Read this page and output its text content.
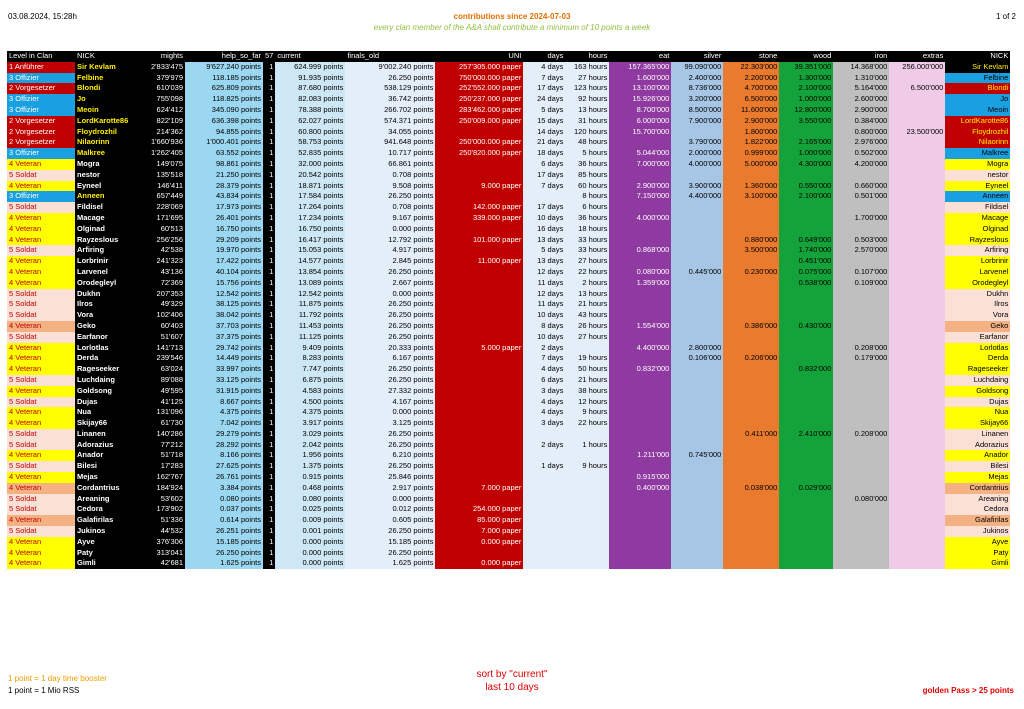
03.08.2024, 15:28h	contributions since 2024-07-03
every clan member of the A&A shall contribute a minimum of 10 points a week
1 of 2
Level in Clan	NICK	mights	help_so_far	57	current	finals_old	UNI	days	hours	eat	silver	stone	wood	iron	extras	NICK
1 Anführer	Sir Kevlam	2'833'475	9'627.240 points	1	624.999 points	9'002.240 points	257'305.000 paper	4 days	163 hours	157.365'000	99.090'000	22.303'000	39.351'000	14.368'000	256.000'000	Sir Kevlam
3 Offizier	Felbine	379'979	118.185 points	1	91.935 points	26.250 points	750'000.000 paper	7 days	27 hours	1.600'000	2.400'000	2.200'000	1.300'000	1.310'000		Felbine
2 Vorgesetzer	Blondi	610'039	625.809 points	1	87.680 points	538.129 points	252'552.000 paper	17 days	123 hours	13.100'000	8.736'000	4.700'000	2.100'000	5.164'000	6.500'000	Blondi
3 Offizier	Jo	755'098	118.825 points	1	82.083 points	36.742 points	250'237.000 paper	24 days	92 hours	15.926'000	3.200'000	6.500'000	1.000'000	2.600'000		Jo
3 Offizier	Meoin	624'412	345.090 points	1	78.388 points	266.702 points	283'462.000 paper	5 days	13 hours	8.700'000	8.500'000	11.600'000	12.800'000	2.900'000		Meoin
2 Vorgesetzer	LordKarotte86	822'109	636.398 points	1	62.027 points	574.371 points	250'009.000 paper	15 days	31 hours	6.000'000	7.900'000	2.900'000	3.550'000	0.384'000		LordKarotte86
2 Vorgesetzer	Floydrozhil	214'362	94.855 points	1	60.800 points	34.055 points		14 days	120 hours	15.700'000		1.800'000		0.800'000	23.500'000	Floydrozhil
2 Vorgesetzer	Nilaorinn	1'660'936	1'000.401 points	1	58.753 points	941.648 points	250'000.000 paper	21 days	48 hours		3.790'000	1.822'000	2.165'000	2.976'000		Nilaorinn
3 Offizier	Malkree	1'262'405	63.552 points	1	52.835 points	10.717 points	250'820.000 paper	18 days	5 hours	5.044'000	2.000'000	0.999'000	1.000'000	0.502'000		Malkree
4 Veteran	Mogra	149'075	98.861 points	1	32.000 points	66.861 points		6 days	36 hours	7.000'000	4.000'000	5.000'000	4.300'000	4.200'000		Mogra
5 Soldat	nestor	135'518	21.250 points	1	20.542 points	0.708 points		17 days	85 hours							nestor
4 Veteran	Eyneel	146'411	28.379 points	1	18.871 points	9.508 points	9.000 paper	7 days	60 hours	2.900'000	3.900'000	1.360'000	0.550'000	0.660'000		Eyneel
3 Offizier	Anneen	657'449	43.834 points	1	17.584 points	26.250 points			8 hours	7.150'000	4.400'000	3.100'000	2.100'000	0.501'000		Anneen
5 Soldat	Fildisel	228'069	17.973 points	1	17.264 points	0.708 points	142.000 paper	17 days	6 hours							Fildisel
4 Veteran	Macage	171'695	26.401 points	1	17.234 points	9.167 points	339.000 paper	10 days	36 hours	4.000'000				1.700'000		Macage
4 Veteran	Olginad	60'513	16.750 points	1	16.750 points	0.000 points		16 days	18 hours							Olginad
4 Veteran	Rayzeslous	256'256	29.209 points	1	16.417 points	12.792 points	101.000 paper	13 days	33 hours			0.880'000	0.649'000	0.503'000		Rayzeslous
5 Soldat	Arfiring	42'538	19.970 points	1	15.053 points	4.917 points		5 days	33 hours	0.868'000		3.500'000	1.740'000	2.570'000		Arfiring
4 Veteran	Lorbrinir	241'323	17.422 points	1	14.577 points	2.845 points	11.000 paper	13 days	27 hours				0.451'000			Lorbrinir
4 Veteran	Larvenel	43'136	40.104 points	1	13.854 points	26.250 points		12 days	22 hours	0.080'000	0.445'000	0.230'000	0.075'000	0.107'000		Larvenel
4 Veteran	Orodegleyl	72'369	15.756 points	1	13.089 points	2.667 points		11 days	2 hours	1.359'000			0.538'000	0.109'000		Orodegleyl
5 Soldat	Dukhn	207'353	12.542 points	1	12.542 points	0.000 points		12 days	13 hours							Dukhn
5 Soldat	Ilros	49'329	38.125 points	1	11.875 points	26.250 points		11 days	21 hours							Ilros
5 Soldat	Vora	102'406	38.042 points	1	11.792 points	26.250 points		10 days	43 hours							Vora
4 Veteran	Geko	60'403	37.703 points	1	11.453 points	26.250 points		8 days	26 hours	1.554'000		0.386'000	0.430'000			Geko
5 Soldat	Earfanor	51'607	37.375 points	1	11.125 points	26.250 points		10 days	27 hours							Earfanor
4 Veteran	Lorlotlas	141'713	29.742 points	1	9.409 points	20.333 points	5.000 paper	2 days		4.400'000	2.800'000			0.208'000		Lorlotlas
4 Veteran	Derda	239'546	14.449 points	1	8.283 points	6.167 points		7 days	19 hours		0.106'000	0.206'000		0.179'000		Derda
4 Veteran	Rageseeker	63'024	33.997 points	1	7.747 points	26.250 points		4 days	50 hours	0.832'000			0.832'000			Rageseeker
5 Soldat	Luchdaing	89'088	33.125 points	1	6.875 points	26.250 points		6 days	21 hours							Luchdaing
4 Veteran	Goldsong	49'595	31.915 points	1	4.583 points	27.332 points		3 days	38 hours							Goldsong
5 Soldat	Dujas	41'125	8.667 points	1	4.500 points	4.167 points		4 days	12 hours							Dujas
4 Veteran	Nua	131'096	4.375 points	1	4.375 points	0.000 points		4 days	9 hours							Nua
4 Veteran	Skijay66	61'730	7.042 points	1	3.917 points	3.125 points		3 days	22 hours							Skijay66
5 Soldat	Linanen	140'286	29.279 points	1	3.029 points	26.250 points						0.411'000	2.410'000	0.208'000		Linanen
5 Soldat	Adorazius	77'212	28.292 points	1	2.042 points	26.250 points		2 days	1 hours							Adorazius
4 Veteran	Anador	51'718	8.166 points	1	1.956 points	6.210 points				1.211'000	0.745'000					Anador
5 Soldat	Bilesi	17'283	27.625 points	1	1.375 points	26.250 points		1 days	9 hours							Bilesi
4 Veteran	Mejas	162'767	26.761 points	1	0.915 points	25.846 points				0.915'000						Mejas
4 Veteran	Cordantrius	184'924	3.384 points	1	0.468 points	2.917 points	7.000 paper			0.400'000		0.038'000	0.029'000			Cordantrius
5 Soldat	Areaning	53'602	0.080 points	1	0.080 points	0.000 points								0.080'000		Areaning
5 Soldat	Cedora	173'902	0.037 points	1	0.025 points	0.012 points	254.000 paper									Cedora
4 Veteran	Galafirilas	51'336	0.614 points	1	0.009 points	0.605 points	85.000 paper									Galafirilas
5 Soldat	Jukinos	44'532	26.251 points	1	0.001 points	26.250 points	7.000 paper									Jukinos
4 Veteran	Ayve	376'306	15.185 points	1	0.000 points	15.185 points	0.000 paper									Ayve
4 Veteran	Paty	313'041	26.250 points	1	0.000 points	26.250 points										Paty
4 Veteran	Gimli	42'681	1.625 points	1	0.000 points	1.625 points	0.000 paper									Gimli
1 point = 1 day time booster
1 point = 1 Mio RSS
sort by "current"
last 10 days	golden Pass > 25 points
